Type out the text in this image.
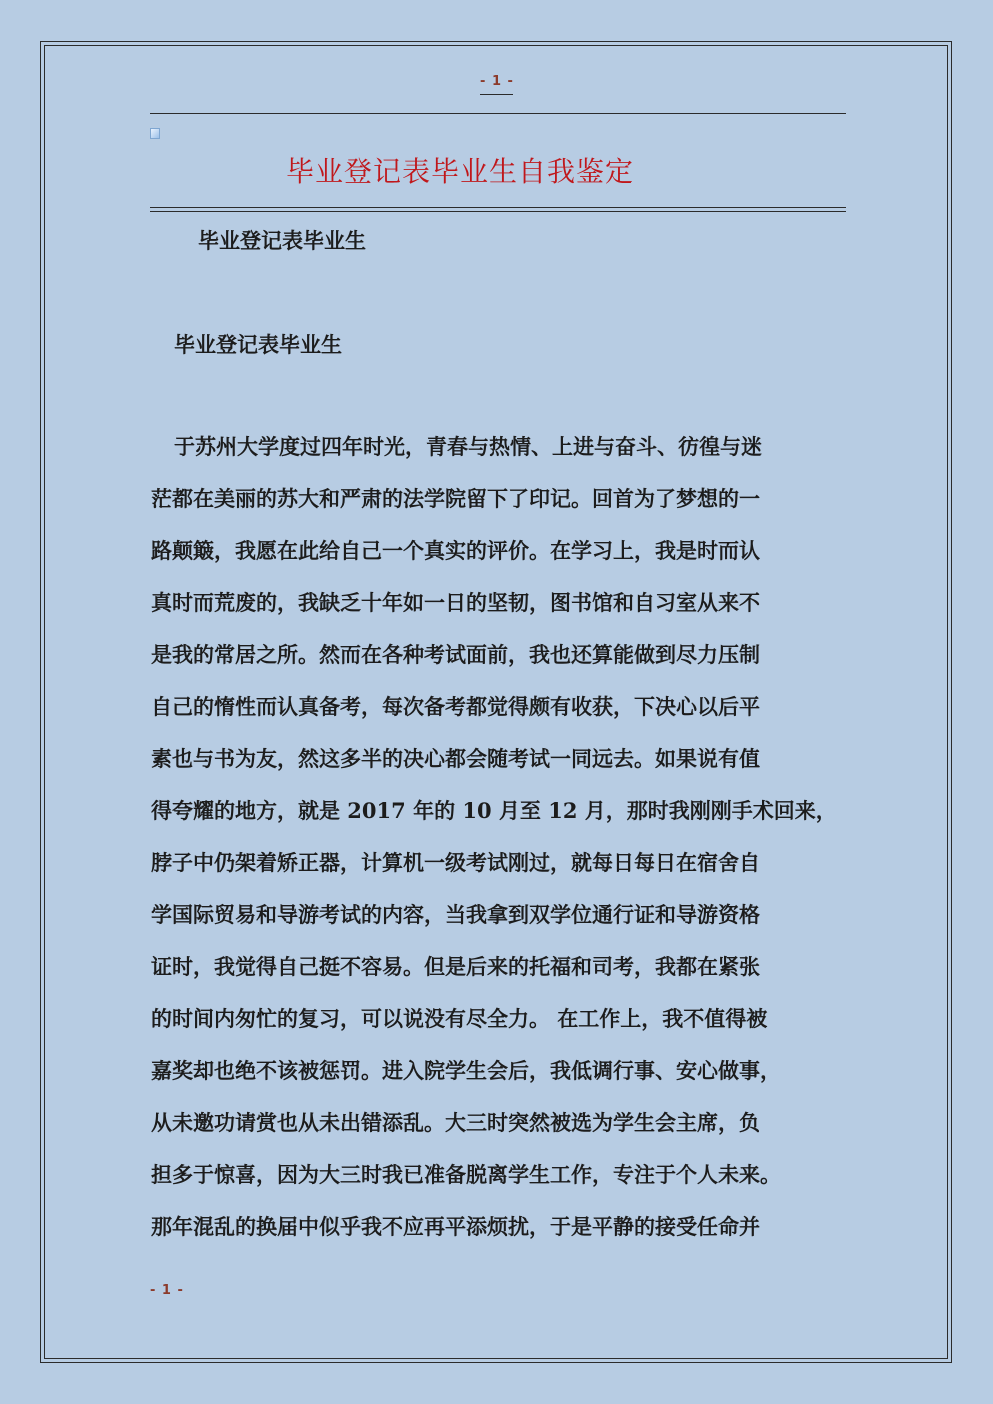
- 1 -
毕业登记表毕业生自我鉴定
毕业登记表毕业生
毕业登记表毕业生
于苏州大学度过四年时光，青春与热情、上进与奋斗、彷徨与迷
茫都在美丽的苏大和严肃的法学院留下了印记。回首为了梦想的一
路颠簸，我愿在此给自己一个真实的评价。在学习上，我是时而认
真时而荒废的，我缺乏十年如一日的坚韧，图书馆和自习室从来不
是我的常居之所。然而在各种考试面前，我也还算能做到尽力压制
自己的惰性而认真备考，每次备考都觉得颇有收获，下决心以后平
素也与书为友，然这多半的决心都会随考试一同远去。如果说有值
得夸耀的地方，就是 2017 年的 10 月至 12 月，那时我刚刚手术回来，
脖子中仍架着矫正器，计算机一级考试刚过，就每日每日在宿舍自
学国际贸易和导游考试的内容，当我拿到双学位通行证和导游资格
证时，我觉得自己挺不容易。但是后来的托福和司考，我都在紧张
的时间内匆忙的复习，可以说没有尽全力。 在工作上，我不值得被
嘉奖却也绝不该被惩罚。进入院学生会后，我低调行事、安心做事，
从未邀功请赏也从未出错添乱。大三时突然被选为学生会主席，负
担多于惊喜，因为大三时我已准备脱离学生工作，专注于个人未来。
那年混乱的换届中似乎我不应再平添烦扰，于是平静的接受任命并
- 1 -
